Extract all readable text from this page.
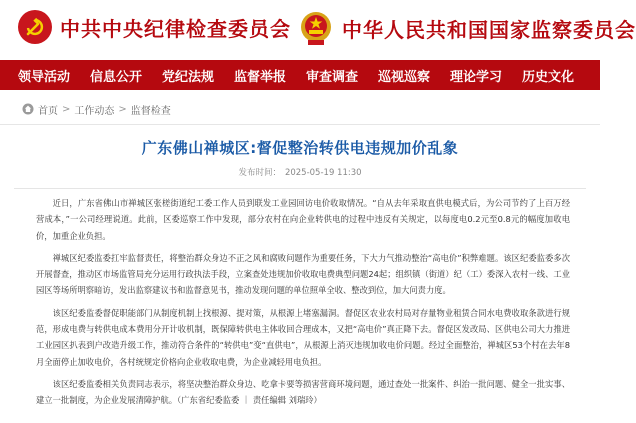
中共中央纪律检查委员会	中华人民共和国国家监察委员会
领导活动	信息公开	党纪法规	监督举报	审查调查	巡视巡察	理论学习	历史文化
首页 > 工作动态 > 监督检查
广东佛山禅城区:督促整治转供电违规加价乱象
发布时间： 2025-05-19 11:30

近日，广东省佛山市禅城区张槎街道纪工委工作人员到联发工业园回访电价收取情况。“自从去年采取直供电模式后，为公司节约了上百万经营成本，”一公司经理说道。此前，区委巡察工作中发现，部分农村在向企业转供电的过程中违反有关规定，以每度电0.2元至0.8元的幅度加收电价，加重企业负担。

禅城区纪委监委扛牢监督责任，将整治群众身边不正之风和腐败问题作为重要任务，下大力气推动整治“高电价”积弊难题。该区纪委监委多次开展督查，推动区市场监管局充分运用行政执法手段，立案查处违规加价收取电费典型问题24起；组织镇（街道）纪（工）委深入农村一线、工业园区等场所明察暗访，发出监察建议书和监督意见书，推动发现问题的单位照单全收、整改到位，加大问责力度。

该区纪委监委督促职能部门从制度机制上找根源、提对策，从根源上堵塞漏洞。督促区农业农村局对存量物业租赁合同水电费收取条款进行规范，形成电费与转供电成本费用分开计收机制，既保障转供电主体收回合理成本，又把“高电价”真正降下去。督促区发改局、区供电公司大力推进工业园区扒表到户改造升级工作，推动符合条件的“转供电”变“直供电”，从根源上消灭违规加收电价问题。经过全面整治，禅城区53个村在去年8月全面停止加收电价，各村统规定价格向企业收取电费，为企业减轻用电负担。

该区纪委监委相关负责同志表示，将坚决整治群众身边、吃拿卡要等损害营商环境问题，通过查处一批案件、纠治一批问题、健全一批实事、建立一批制度，为企业发展清障护航。（广东省纪委监委 ｜ 责任编辑 刘瑞玲）
